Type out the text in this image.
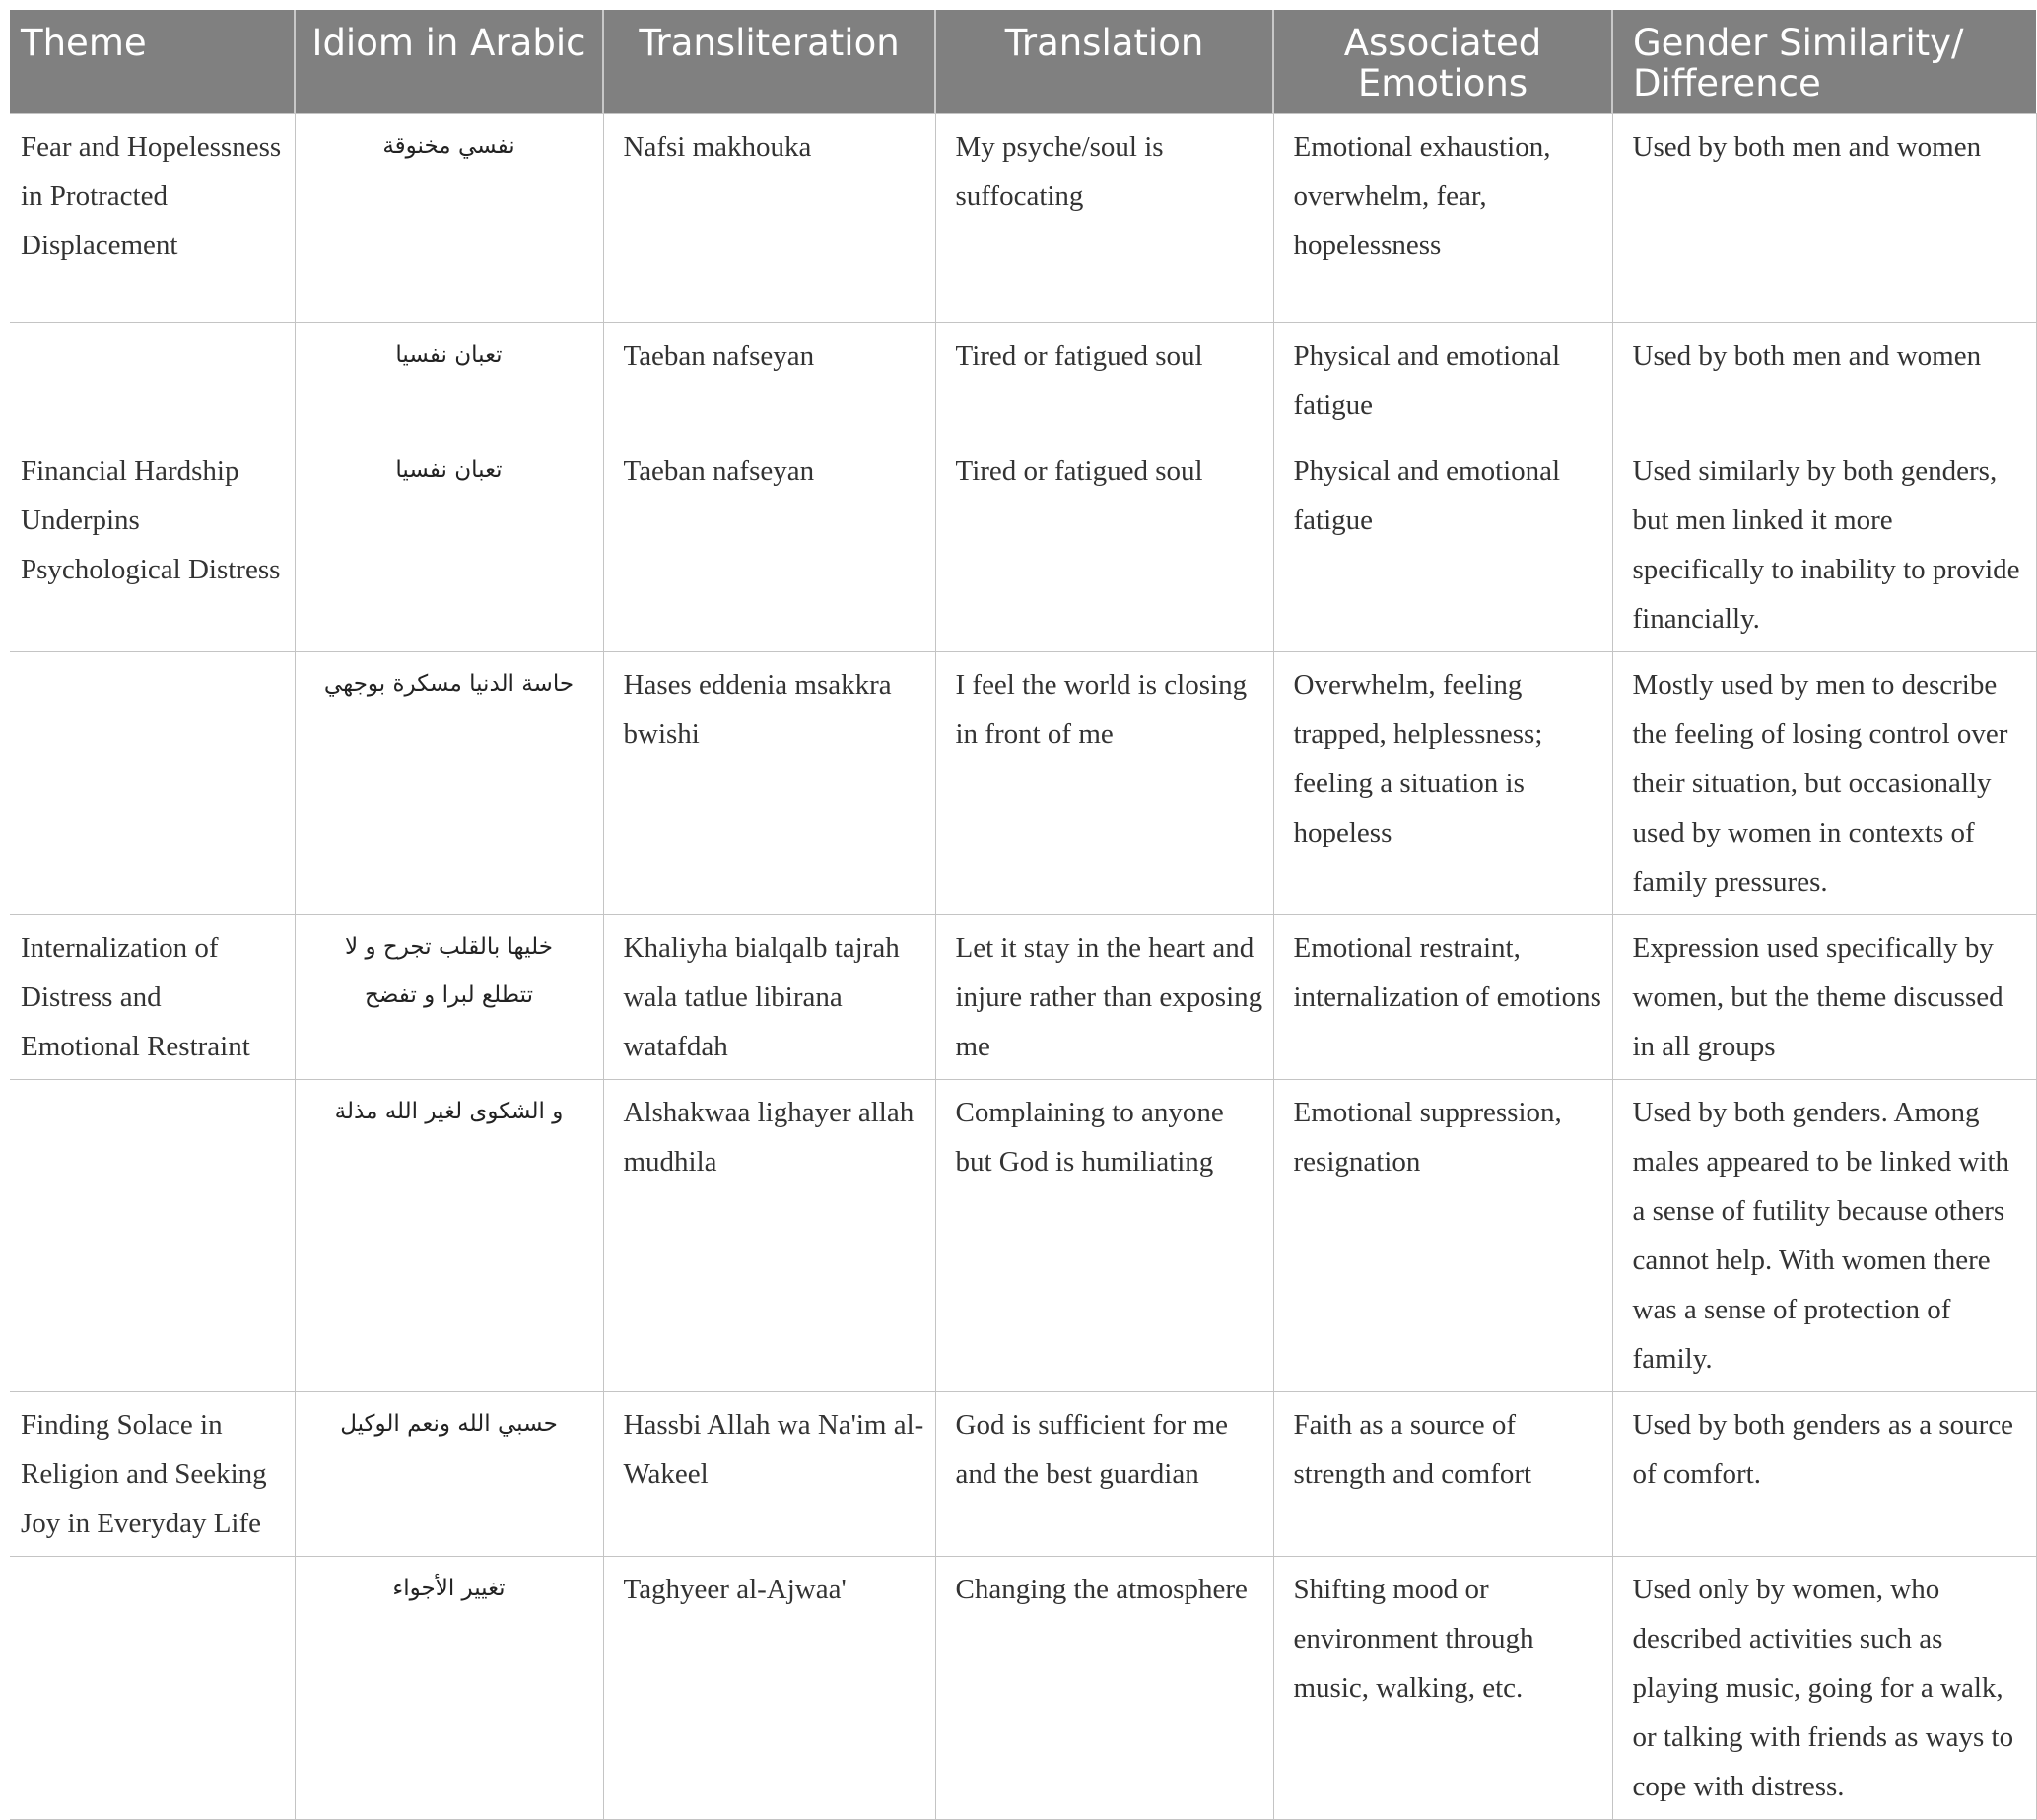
Theme	Idiom in Arabic	Transliteration	Translation	Associated Emotions	Gender Similarity/ Difference
Fear and Hopelessness in Protracted Displacement	نفسي مخنوقة	Nafsi makhouka	My psyche/soul is suffocating	Emotional exhaustion, overwhelm, fear, hopelessness	Used by both men and women
	تعبان نفسيا	Taeban nafseyan	Tired or fatigued soul	Physical and emotional fatigue	Used by both men and women
Financial Hardship Underpins Psychological Distress	تعبان نفسيا	Taeban nafseyan	Tired or fatigued soul	Physical and emotional fatigue	Used similarly by both genders, but men linked it more specifically to inability to provide financially.
	حاسة الدنيا مسكرة بوجهي	Hases eddenia msakkra bwishi	I feel the world is closing in front of me	Overwhelm, feeling trapped, helplessness; feeling a situation is hopeless	Mostly used by men to describe the feeling of losing control over their situation, but occasionally used by women in contexts of family pressures.
Internalization of Distress and Emotional Restraint	خليها بالقلب تجرح و لا تتطلع لبرا و تفضح	Khaliyha bialqalb tajrah wala tatlue libirana watafdah	Let it stay in the heart and injure rather than exposing me	Emotional restraint, internalization of emotions	Expression used specifically by women, but the theme discussed in all groups
	و الشكوى لغير الله مذلة	Alshakwaa lighayer allah mudhila	Complaining to anyone but God is humiliating	Emotional suppression, resignation	Used by both genders. Among males appeared to be linked with a sense of futility because others cannot help. With women there was a sense of protection of family.
Finding Solace in Religion and Seeking Joy in Everyday Life	حسبي الله ونعم الوكيل	Hassbi Allah wa Na'im al-Wakeel	God is sufficient for me and the best guardian	Faith as a source of strength and comfort	Used by both genders as a source of comfort.
	تغيير الأجواء	Taghyeer al-Ajwaa'	Changing the atmosphere	Shifting mood or environment through music, walking, etc.	Used only by women, who described activities such as playing music, going for a walk, or talking with friends as ways to cope with distress.
